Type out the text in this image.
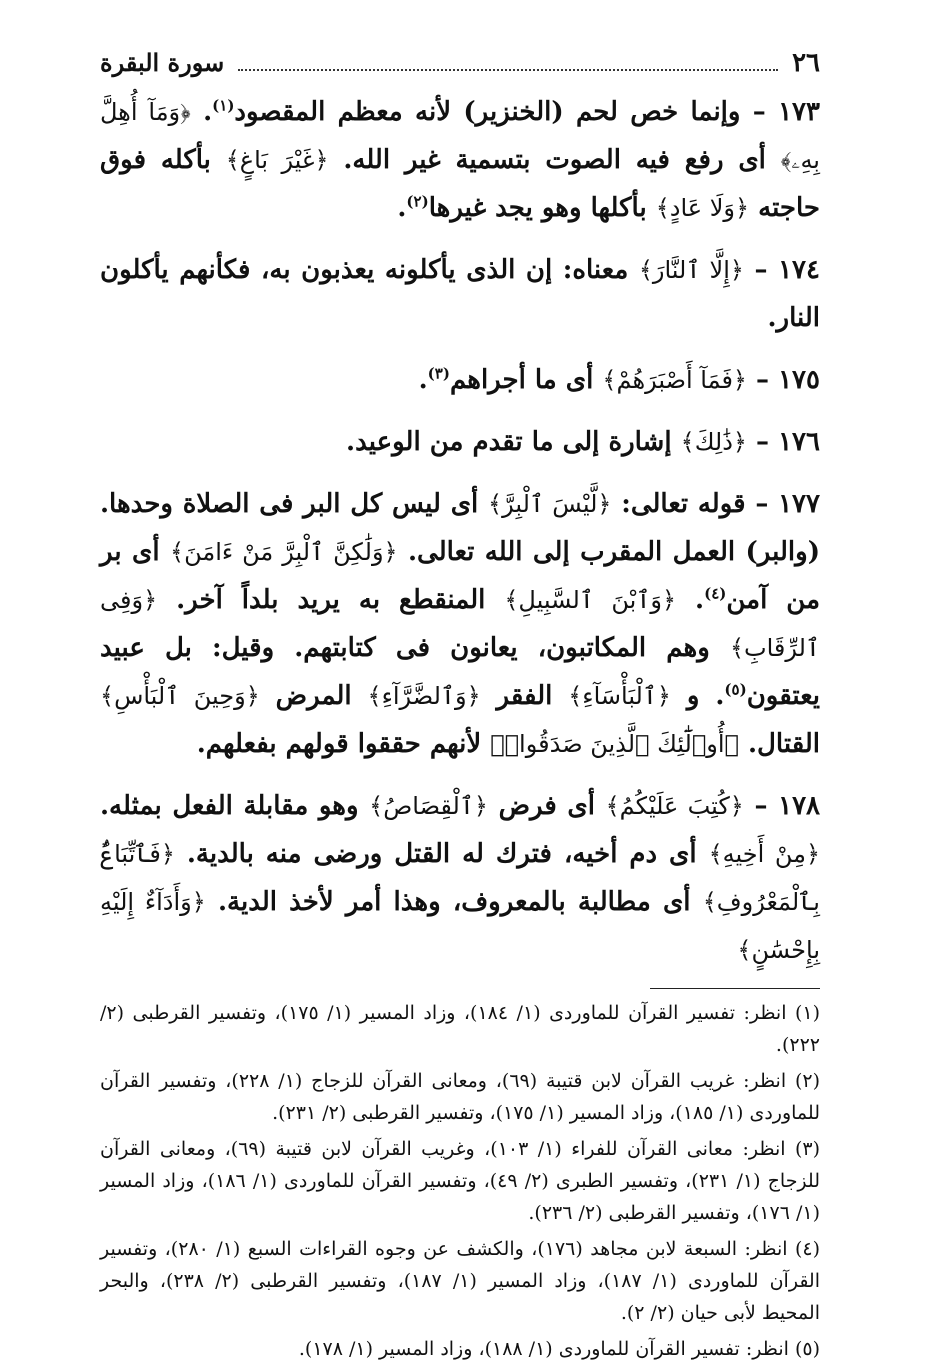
٢٦
سورة البقرة

١٧٣ – وإنما خص لحم (الخنزير) لأنه معظم المقصود$^{(١)}$. ﴿وَمَآ أُهِلَّ بِهِۦ﴾ أى رفع فيه الصوت بتسمية غير الله. ﴿غَيْرَ بَاغٍ﴾ بأكله فوق حاجته ﴿وَلَا عَادٍ﴾ بأكلها وهو يجد غيرها$^{(٢)}$.

١٧٤ – ﴿إِلَّا ٱلنَّارَ﴾ معناه: إن الذى يأكلونه يعذبون به، فكأنهم يأكلون النار.

١٧٥ – ﴿فَمَآ أَصْبَرَهُمْ﴾ أى ما أجراهم$^{(٣)}$.

١٧٦ – ﴿ذَٰلِكَ﴾ إشارة إلى ما تقدم من الوعيد.

١٧٧ – قوله تعالى: ﴿لَّيْسَ ٱلْبِرَّ﴾ أى ليس كل البر فى الصلاة وحدها. (والبر) العمل المقرب إلى الله تعالى. ﴿وَلَٰكِنَّ ٱلْبِرَّ مَنْ ءَامَنَ﴾ أى بر من آمن$^{(٤)}$. ﴿وَٱبْنَ ٱلسَّبِيلِ﴾ المنقطع به يريد بلداً آخر. ﴿وَفِى ٱلرِّقَابِ﴾ وهم المكاتبون، يعانون فى كتابتهم. وقيل: بل عبيد يعتقون$^{(٥)}$. و ﴿ٱلْبَأْسَآءِ﴾ الفقر ﴿وَٱلضَّرَّآءِ﴾ المرض ﴿وَحِينَ ٱلْبَأْسِ﴾ القتال. ﴿أُو۟لَٰٓئِكَ ٱلَّذِينَ صَدَقُوا۟﴾ لأنهم حققوا قولهم بفعلهم.

١٧٨ – ﴿كُتِبَ عَلَيْكُمُ﴾ أى فرض ﴿ٱلْقِصَاصُ﴾ وهو مقابلة الفعل بمثله. ﴿مِنْ أَخِيهِ﴾ أى دم أخيه، فترك له القتل ورضى منه بالدية. ﴿فَٱتِّبَاعٌۢ بِٱلْمَعْرُوفِ﴾ أى مطالبة بالمعروف، وهذا أمر لأخذ الدية. ﴿وَأَدَآءٌ إِلَيْهِ بِإِحْسَٰنٍ﴾

(١) انظر: تفسير القرآن للماوردى (١/ ١٨٤)، وزاد المسير (١/ ١٧٥)، وتفسير القرطبى (٢/ ٢٢٢).
(٢) انظر: غريب القرآن لابن قتيبة (٦٩)، ومعانى القرآن للزجاج (١/ ٢٢٨)، وتفسير القرآن للماوردى (١/ ١٨٥)، وزاد المسير (١/ ١٧٥)، وتفسير القرطبى (٢/ ٢٣١).
(٣) انظر: معانى القرآن للفراء (١/ ١٠٣)، وغريب القرآن لابن قتيبة (٦٩)، ومعانى القرآن للزجاج (١/ ٢٣١)، وتفسير الطبرى (٢/ ٤٩)، وتفسير القرآن للماوردى (١/ ١٨٦)، وزاد المسير (١/ ١٧٦)، وتفسير القرطبى (٢/ ٢٣٦).
(٤) انظر: السبعة لابن مجاهد (١٧٦)، والكشف عن وجوه القراءات السبع (١/ ٢٨٠)، وتفسير القرآن للماوردى (١/ ١٨٧)، وزاد المسير (١/ ١٨٧)، وتفسير القرطبى (٢/ ٢٣٨)، والبحر المحيط لأبى حيان (٢/ ٢).
(٥) انظر: تفسير القرآن للماوردى (١/ ١٨٨)، وزاد المسير (١/ ١٧٨).
